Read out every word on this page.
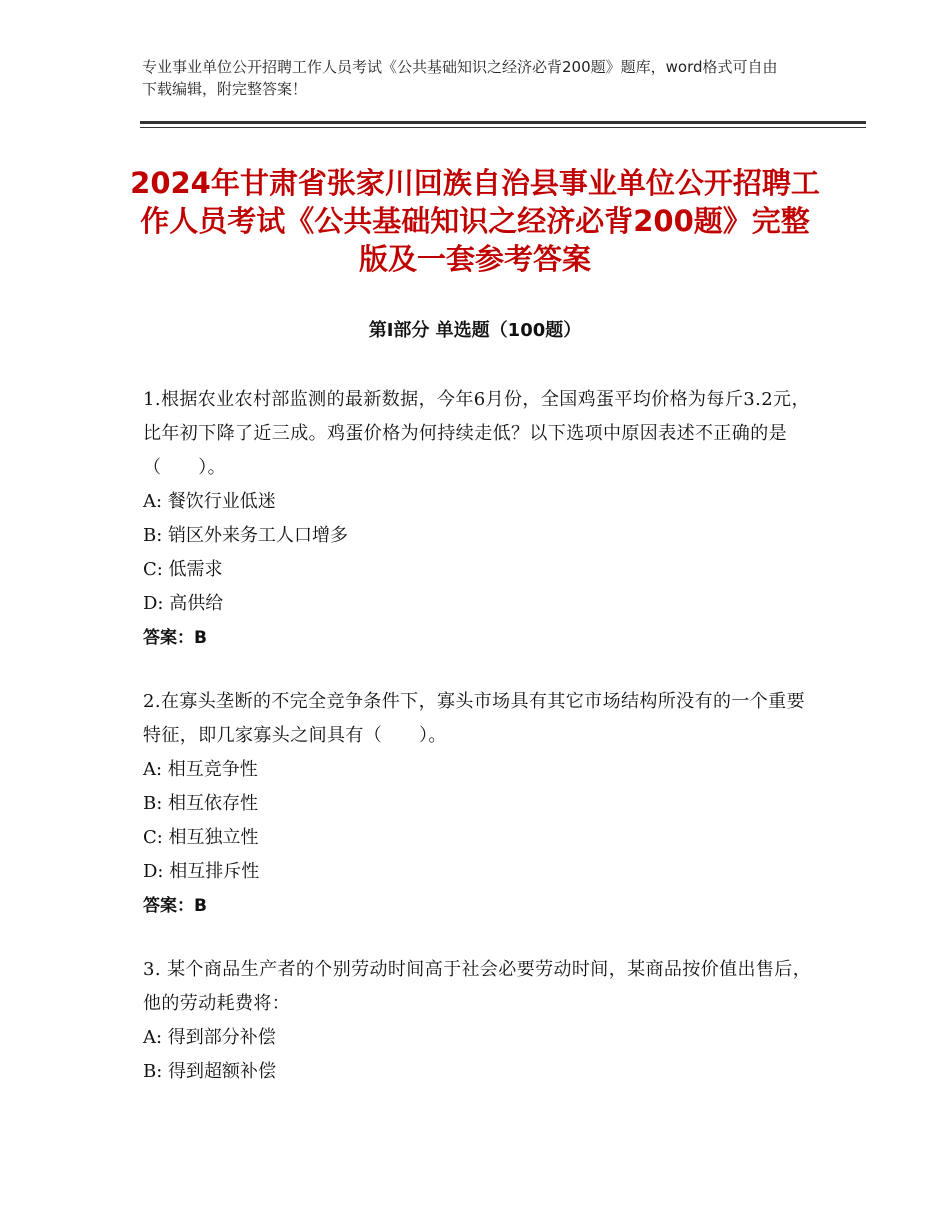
专业事业单位公开招聘工作人员考试《公共基础知识之经济必背200题》题库，word格式可自由下载编辑，附完整答案！
2024年甘肃省张家川回族自治县事业单位公开招聘工作人员考试《公共基础知识之经济必背200题》完整版及一套参考答案
第Ⅰ部分 单选题（100题）
1.根据农业农村部监测的最新数据，今年6月份，全国鸡蛋平均价格为每斤3.2元，比年初下降了近三成。鸡蛋价格为何持续走低？以下选项中原因表述不正确的是（　　）。
A: 餐饮行业低迷
B: 销区外来务工人口增多
C: 低需求
D: 高供给
答案：B
2.在寡头垄断的不完全竞争条件下，寡头市场具有其它市场结构所没有的一个重要特征，即几家寡头之间具有（　　）。
A: 相互竞争性
B: 相互依存性
C: 相互独立性
D: 相互排斥性
答案：B
3. 某个商品生产者的个别劳动时间高于社会必要劳动时间，某商品按价值出售后，他的劳动耗费将：
A: 得到部分补偿
B: 得到超额补偿
